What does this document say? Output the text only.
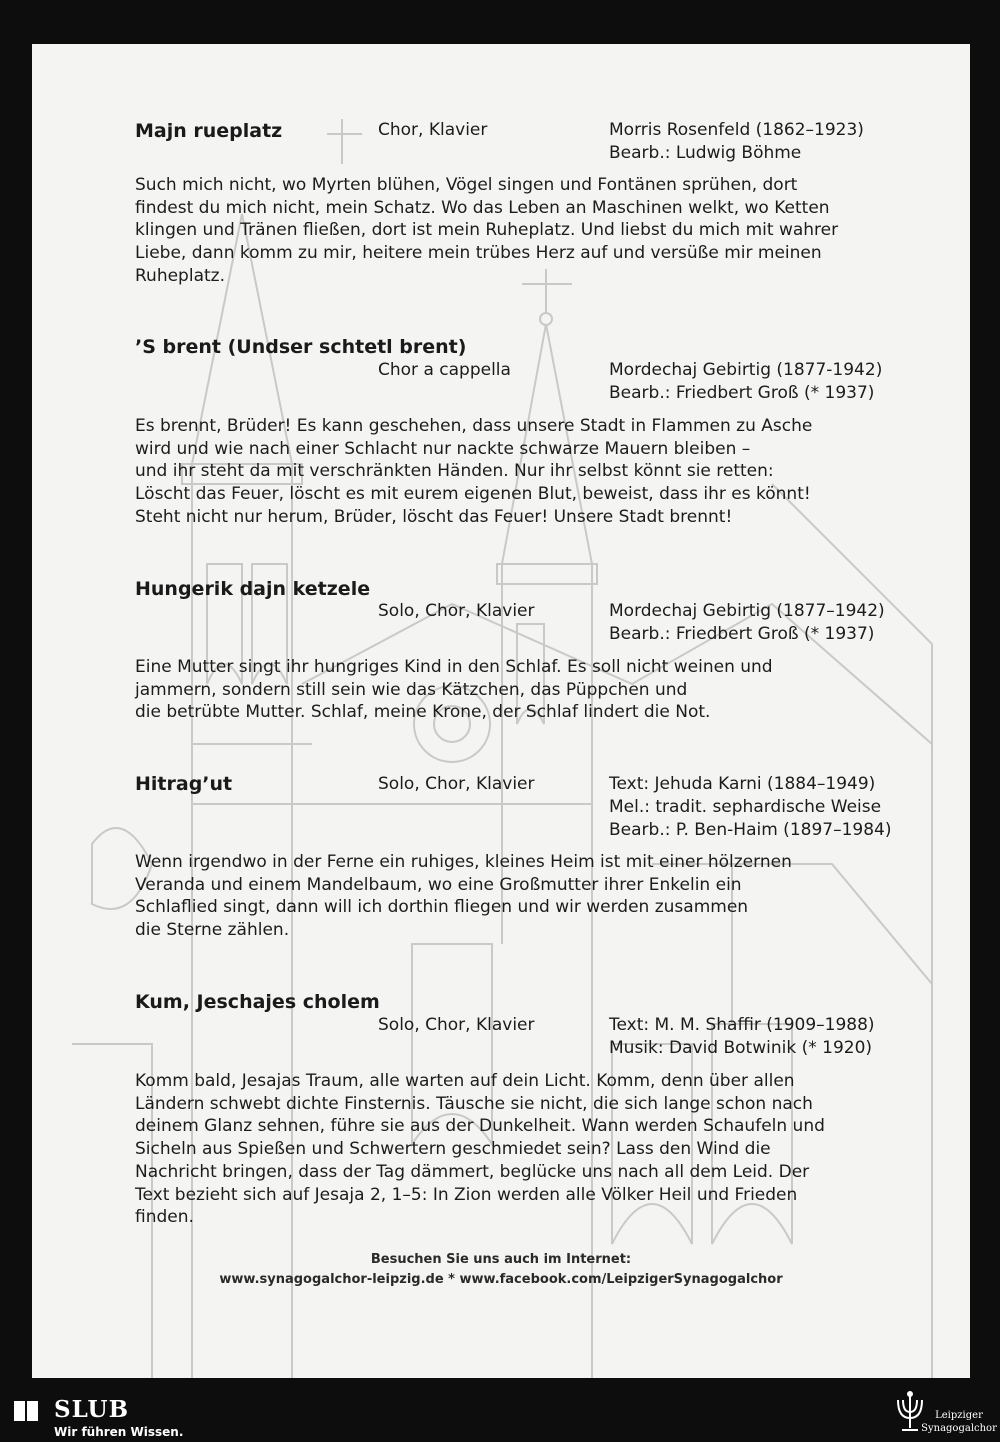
Majn rueplatz	Chor, Klavier	Morris Rosenfeld (1862–1923)
Bearb.: Ludwig Böhme
Such mich nicht, wo Myrten blühen, Vögel singen und Fontänen sprühen, dort
findest du mich nicht, mein Schatz. Wo das Leben an Maschinen welkt, wo Ketten
klingen und Tränen fließen, dort ist mein Ruheplatz. Und liebst du mich mit wahrer
Liebe, dann komm zu mir, heitere mein trübes Herz auf und versüße mir meinen
Ruheplatz.
’S brent (Undser schtetl brent)
Chor a cappella	Mordechaj Gebirtig (1877-1942)
Bearb.: Friedbert Groß (* 1937)
Es brennt, Brüder! Es kann geschehen, dass unsere Stadt in Flammen zu Asche
wird und wie nach einer Schlacht nur nackte schwarze Mauern bleiben –
und ihr steht da mit verschränkten Händen. Nur ihr selbst könnt sie retten:
Löscht das Feuer, löscht es mit eurem eigenen Blut, beweist, dass ihr es könnt!
Steht nicht nur herum, Brüder, löscht das Feuer! Unsere Stadt brennt!
Hungerik dajn ketzele
Solo, Chor, Klavier	Mordechaj Gebirtig (1877–1942)
Bearb.: Friedbert Groß (* 1937)
Eine Mutter singt ihr hungriges Kind in den Schlaf. Es soll nicht weinen und
jammern, sondern still sein wie das Kätzchen, das Püppchen und
die betrübte Mutter. Schlaf, meine Krone, der Schlaf lindert die Not.
Hitrag’ut	Solo, Chor, Klavier	Text: Jehuda Karni (1884–1949)
Mel.: tradit. sephardische Weise
Bearb.: P. Ben-Haim (1897–1984)
Wenn irgendwo in der Ferne ein ruhiges, kleines Heim ist mit einer hölzernen
Veranda und einem Mandelbaum, wo eine Großmutter ihrer Enkelin ein
Schlaflied singt, dann will ich dorthin fliegen und wir werden zusammen
die Sterne zählen.
Kum, Jeschajes cholem
Solo, Chor, Klavier	Text: M. M. Shaffir (1909–1988)
Musik: David Botwinik (* 1920)
Komm bald, Jesajas Traum, alle warten auf dein Licht. Komm, denn über allen
Ländern schwebt dichte Finsternis. Täusche sie nicht, die sich lange schon nach
deinem Glanz sehnen, führe sie aus der Dunkelheit. Wann werden Schaufeln und
Sicheln aus Spießen und Schwertern geschmiedet sein? Lass den Wind die
Nachricht bringen, dass der Tag dämmert, beglücke uns nach all dem Leid. Der
Text bezieht sich auf Jesaja 2, 1–5: In Zion werden alle Völker Heil und Frieden
finden.
Besuchen Sie uns auch im Internet:
www.synagogalchor-leipzig.de * www.facebook.com/LeipzigerSynagogalchor
SLUB
Wir führen Wissen.
Leipziger
Synagogalchor
